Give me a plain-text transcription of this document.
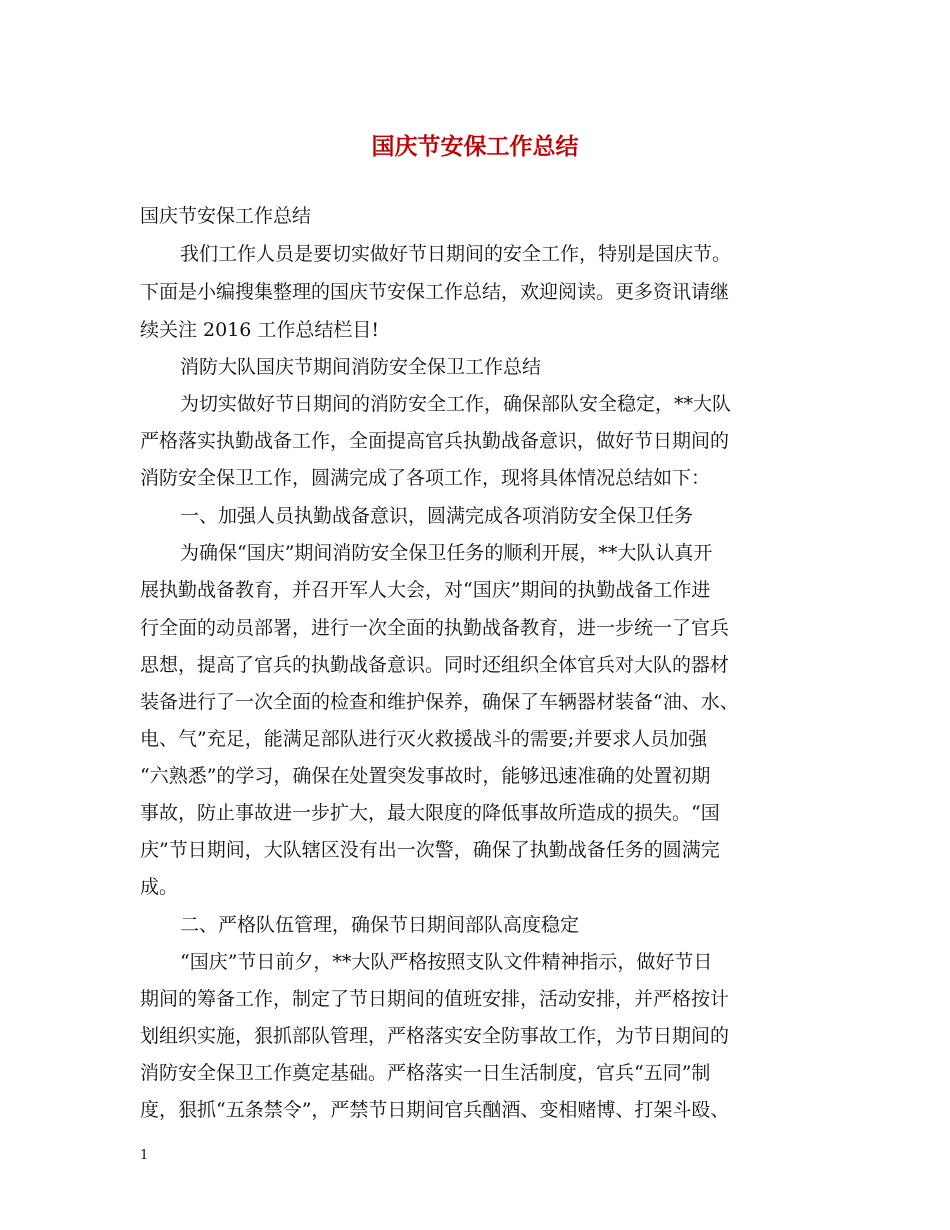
国庆节安保工作总结

国庆节安保工作总结

我们工作人员是要切实做好节日期间的安全工作，特别是国庆节。

下面是小编搜集整理的国庆节安保工作总结，欢迎阅读。更多资讯请继

续关注 2016 工作总结栏目!

消防大队国庆节期间消防安全保卫工作总结

为切实做好节日期间的消防安全工作，确保部队安全稳定，**大队

严格落实执勤战备工作，全面提高官兵执勤战备意识，做好节日期间的

消防安全保卫工作，圆满完成了各项工作，现将具体情况总结如下：

一、加强人员执勤战备意识，圆满完成各项消防安全保卫任务

为确保“国庆”期间消防安全保卫任务的顺利开展，**大队认真开

展执勤战备教育，并召开军人大会，对“国庆”期间的执勤战备工作进

行全面的动员部署，进行一次全面的执勤战备教育，进一步统一了官兵

思想，提高了官兵的执勤战备意识。同时还组织全体官兵对大队的器材

装备进行了一次全面的检查和维护保养，确保了车辆器材装备“油、水、

电、气”充足，能满足部队进行灭火救援战斗的需要;并要求人员加强

“六熟悉”的学习，确保在处置突发事故时，能够迅速准确的处置初期

事故，防止事故进一步扩大，最大限度的降低事故所造成的损失。“国

庆”节日期间，大队辖区没有出一次警，确保了执勤战备任务的圆满完

成。

二、严格队伍管理，确保节日期间部队高度稳定

“国庆”节日前夕，**大队严格按照支队文件精神指示，做好节日

期间的筹备工作，制定了节日期间的值班安排，活动安排，并严格按计

划组织实施，狠抓部队管理，严格落实安全防事故工作，为节日期间的

消防安全保卫工作奠定基础。严格落实一日生活制度，官兵“五同”制

度，狠抓“五条禁令”，严禁节日期间官兵酗酒、变相赌博、打架斗殴、

1
